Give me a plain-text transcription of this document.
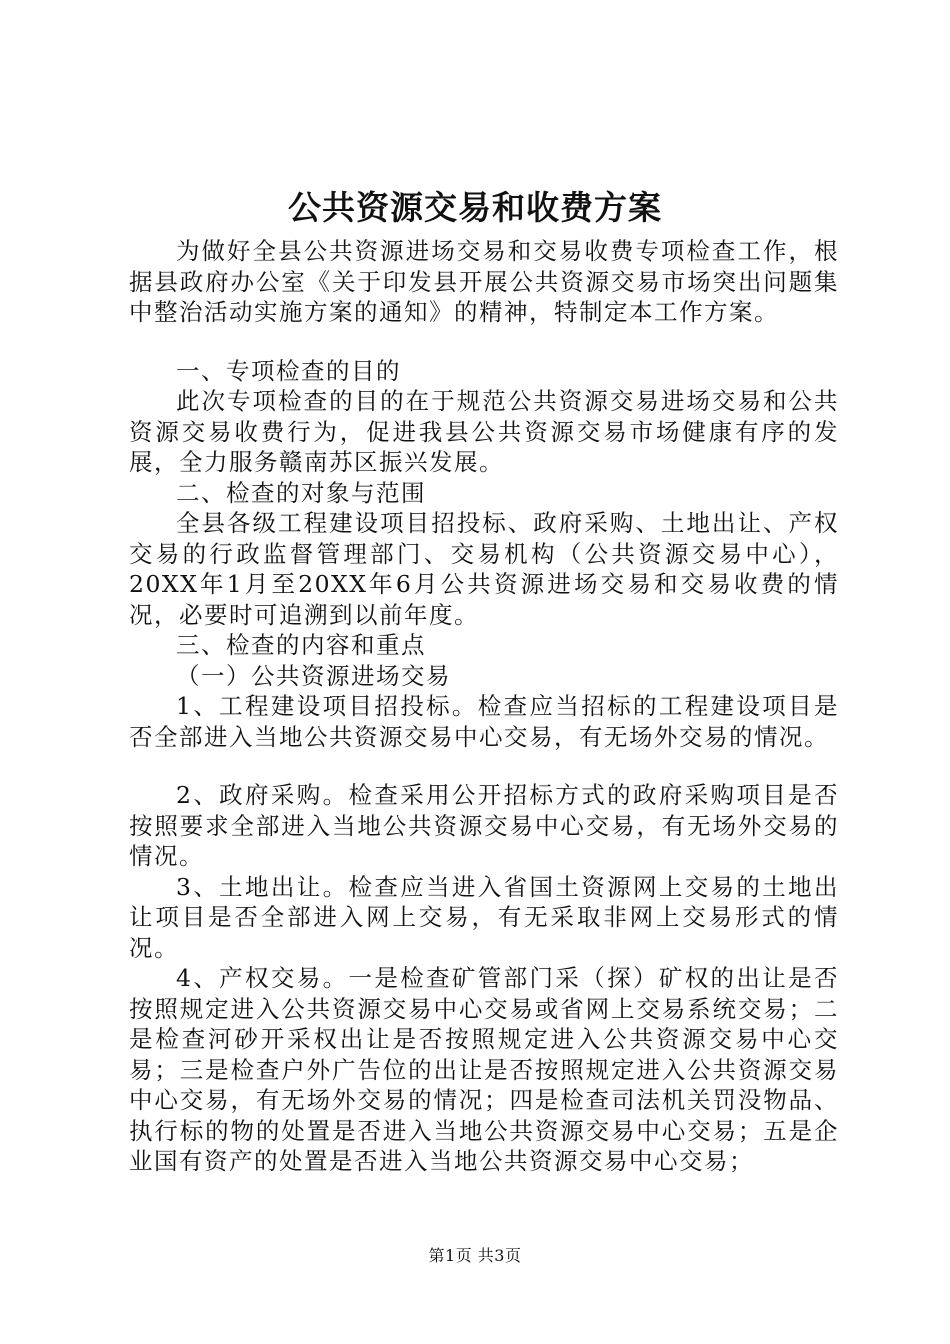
公共资源交易和收费方案

为做好全县公共资源进场交易和交易收费专项检查工作，根据县政府办公室《关于印发县开展公共资源交易市场突出问题集中整治活动实施方案的通知》的精神，特制定本工作方案。

一、专项检查的目的

此次专项检查的目的在于规范公共资源交易进场交易和公共资源交易收费行为，促进我县公共资源交易市场健康有序的发展，全力服务赣南苏区振兴发展。

二、检查的对象与范围

全县各级工程建设项目招投标、政府采购、土地出让、产权交易的行政监督管理部门、交易机构（公共资源交易中心），20XX年1月至20XX年6月公共资源进场交易和交易收费的情况，必要时可追溯到以前年度。

三、检查的内容和重点

（一）公共资源进场交易

1、工程建设项目招投标。检查应当招标的工程建设项目是否全部进入当地公共资源交易中心交易，有无场外交易的情况。

2、政府采购。检查采用公开招标方式的政府采购项目是否按照要求全部进入当地公共资源交易中心交易，有无场外交易的情况。

3、土地出让。检查应当进入省国土资源网上交易的土地出让项目是否全部进入网上交易，有无采取非网上交易形式的情况。

4、产权交易。一是检查矿管部门采（探）矿权的出让是否按照规定进入公共资源交易中心交易或省网上交易系统交易；二是检查河砂开采权出让是否按照规定进入公共资源交易中心交易；三是检查户外广告位的出让是否按照规定进入公共资源交易中心交易，有无场外交易的情况；四是检查司法机关罚没物品、执行标的物的处置是否进入当地公共资源交易中心交易；五是企业国有资产的处置是否进入当地公共资源交易中心交易；

第1页 共3页
